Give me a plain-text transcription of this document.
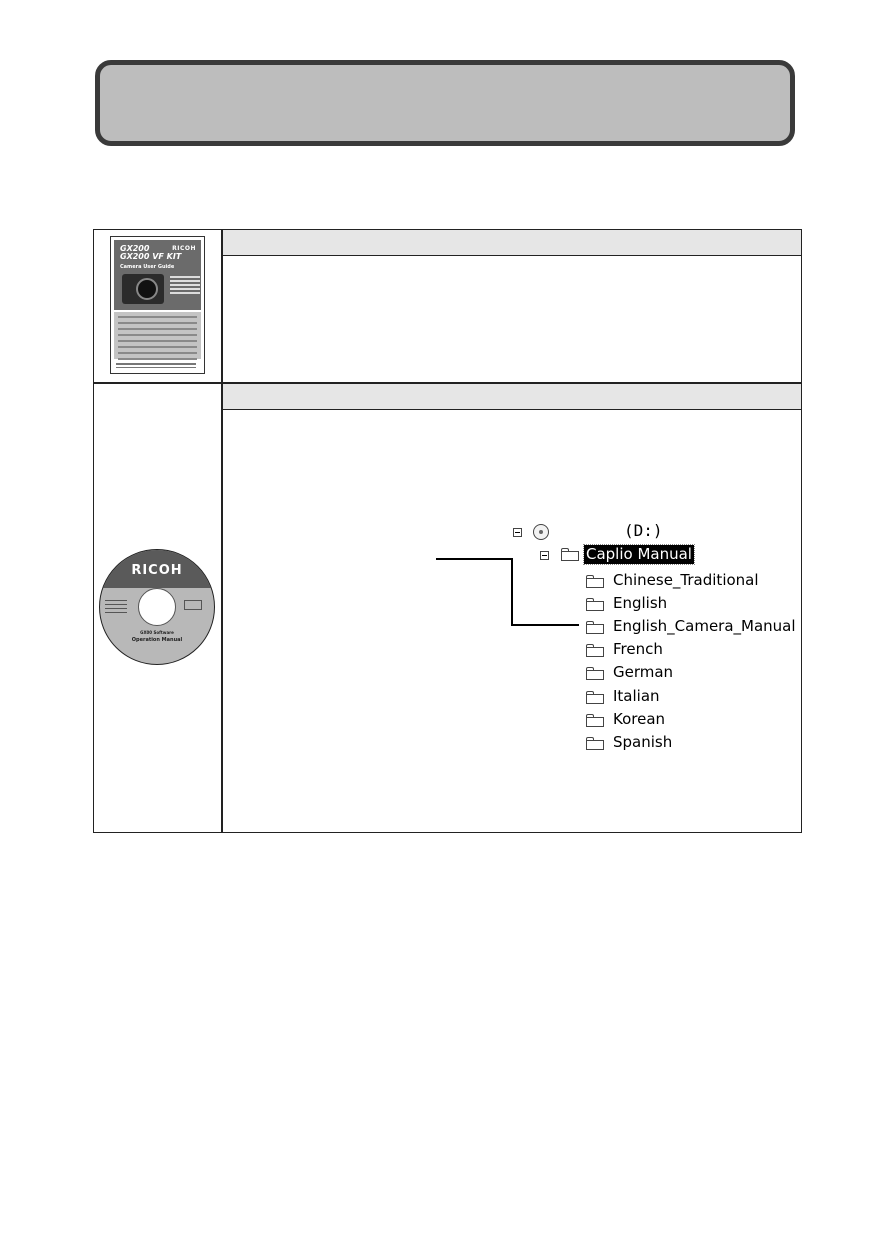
GX200
GX200 VF KIT
RICOH
Camera User Guide
RICOH
GX00 Software
Operation Manual
(D:)
Caplio Manual
Chinese_Traditional
English
English_Camera_Manual
French
German
Italian
Korean
Spanish
